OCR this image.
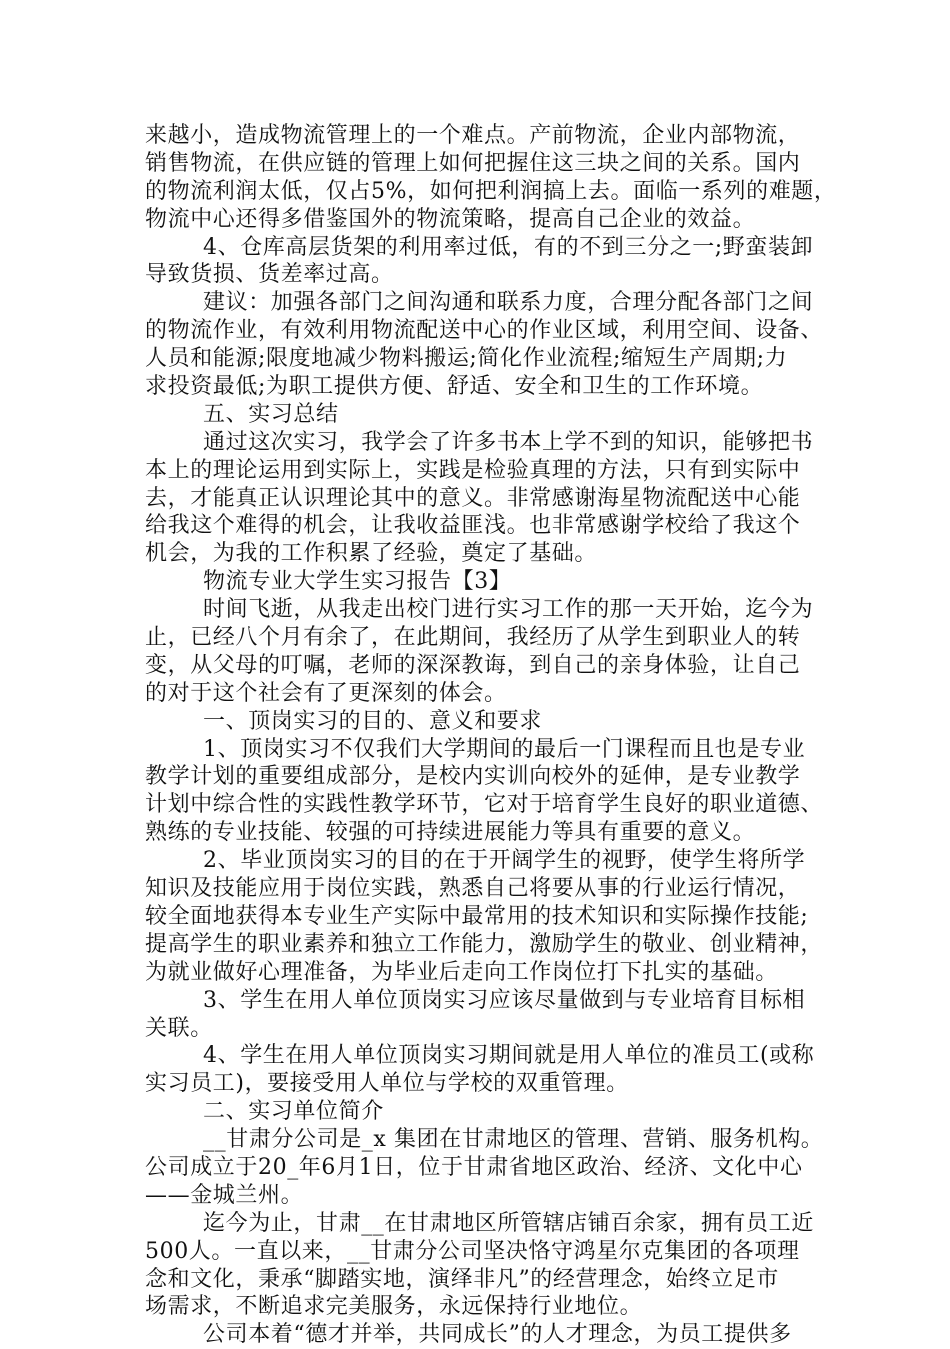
来越小，造成物流管理上的一个难点。产前物流，企业内部物流，
销售物流，在供应链的管理上如何把握住这三块之间的关系。国内
的物流利润太低，仅占5%，如何把利润搞上去。面临一系列的难题，
物流中心还得多借鉴国外的物流策略，提高自己企业的效益。
4、仓库高层货架的利用率过低，有的不到三分之一;野蛮装卸
导致货损、货差率过高。
建议：加强各部门之间沟通和联系力度，合理分配各部门之间
的物流作业，有效利用物流配送中心的作业区域，利用空间、设备、
人员和能源;限度地减少物料搬运;简化作业流程;缩短生产周期;力
求投资最低;为职工提供方便、舒适、安全和卫生的工作环境。
五、实习总结
通过这次实习，我学会了许多书本上学不到的知识，能够把书
本上的理论运用到实际上，实践是检验真理的方法，只有到实际中
去，才能真正认识理论其中的意义。非常感谢海星物流配送中心能
给我这个难得的机会，让我收益匪浅。也非常感谢学校给了我这个
机会，为我的工作积累了经验，奠定了基础。
物流专业大学生实习报告【3】
时间飞逝，从我走出校门进行实习工作的那一天开始，迄今为
止，已经八个月有余了，在此期间，我经历了从学生到职业人的转
变，从父母的叮嘱，老师的深深教诲，到自己的亲身体验，让自己
的对于这个社会有了更深刻的体会。
一、顶岗实习的目的、意义和要求
1、顶岗实习不仅我们大学期间的最后一门课程而且也是专业
教学计划的重要组成部分，是校内实训向校外的延伸，是专业教学
计划中综合性的实践性教学环节，它对于培育学生良好的职业道德、
熟练的专业技能、较强的可持续进展能力等具有重要的意义。
2、毕业顶岗实习的目的在于开阔学生的视野，使学生将所学
知识及技能应用于岗位实践，熟悉自己将要从事的行业运行情况，
较全面地获得本专业生产实际中最常用的技术知识和实际操作技能;
提高学生的职业素养和独立工作能力，激励学生的敬业、创业精神，
为就业做好心理准备，为毕业后走向工作岗位打下扎实的基础。
3、学生在用人单位顶岗实习应该尽量做到与专业培育目标相
关联。
4、学生在用人单位顶岗实习期间就是用人单位的准员工(或称
实习员工)，要接受用人单位与学校的双重管理。
二、实习单位简介
__甘肃分公司是_x 集团在甘肃地区的管理、营销、服务机构。
公司成立于20_年6月1日，位于甘肃省地区政治、经济、文化中心
——金城兰州。
迄今为止，甘肃__在甘肃地区所管辖店铺百余家，拥有员工近
500人。一直以来，__甘肃分公司坚决恪守鸿星尔克集团的各项理
念和文化，秉承“脚踏实地，演绎非凡”的经营理念，始终立足市
场需求，不断追求完美服务，永远保持行业地位。
公司本着“德才并举，共同成长”的人才理念，为员工提供多
